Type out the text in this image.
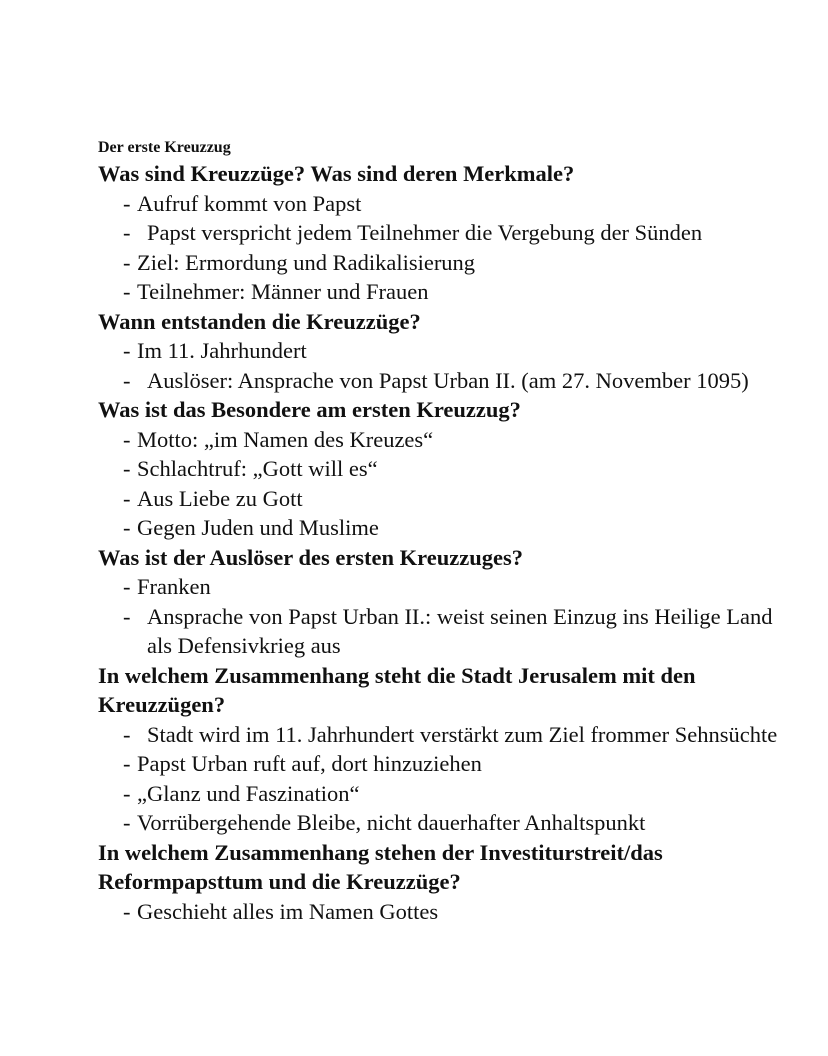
Der erste Kreuzzug

Was sind Kreuzzüge? Was sind deren Merkmale?

- Aufruf kommt von Papst
- Papst verspricht jedem Teilnehmer die Vergebung der Sünden
- Ziel: Ermordung und Radikalisierung
- Teilnehmer: Männer und Frauen

Wann entstanden die Kreuzzüge?

- Im 11. Jahrhundert
- Auslöser: Ansprache von Papst Urban II. (am 27. November 1095)

Was ist das Besondere am ersten Kreuzzug?

- Motto: „im Namen des Kreuzes“
- Schlachtruf: „Gott will es“
- Aus Liebe zu Gott
- Gegen Juden und Muslime

Was ist der Auslöser des ersten Kreuzzuges?

- Franken
- Ansprache von Papst Urban II.: weist seinen Einzug ins Heilige Land als Defensivkrieg aus

In welchem Zusammenhang steht die Stadt Jerusalem mit den Kreuzzügen?

- Stadt wird im 11. Jahrhundert verstärkt zum Ziel frommer Sehnsüchte
- Papst Urban ruft auf, dort hinzuziehen
- „Glanz und Faszination“
- Vorrübergehende Bleibe, nicht dauerhafter Anhaltspunkt

In welchem Zusammenhang stehen der Investiturstreit/das Reformpapsttum und die Kreuzzüge?

- Geschieht alles im Namen Gottes
